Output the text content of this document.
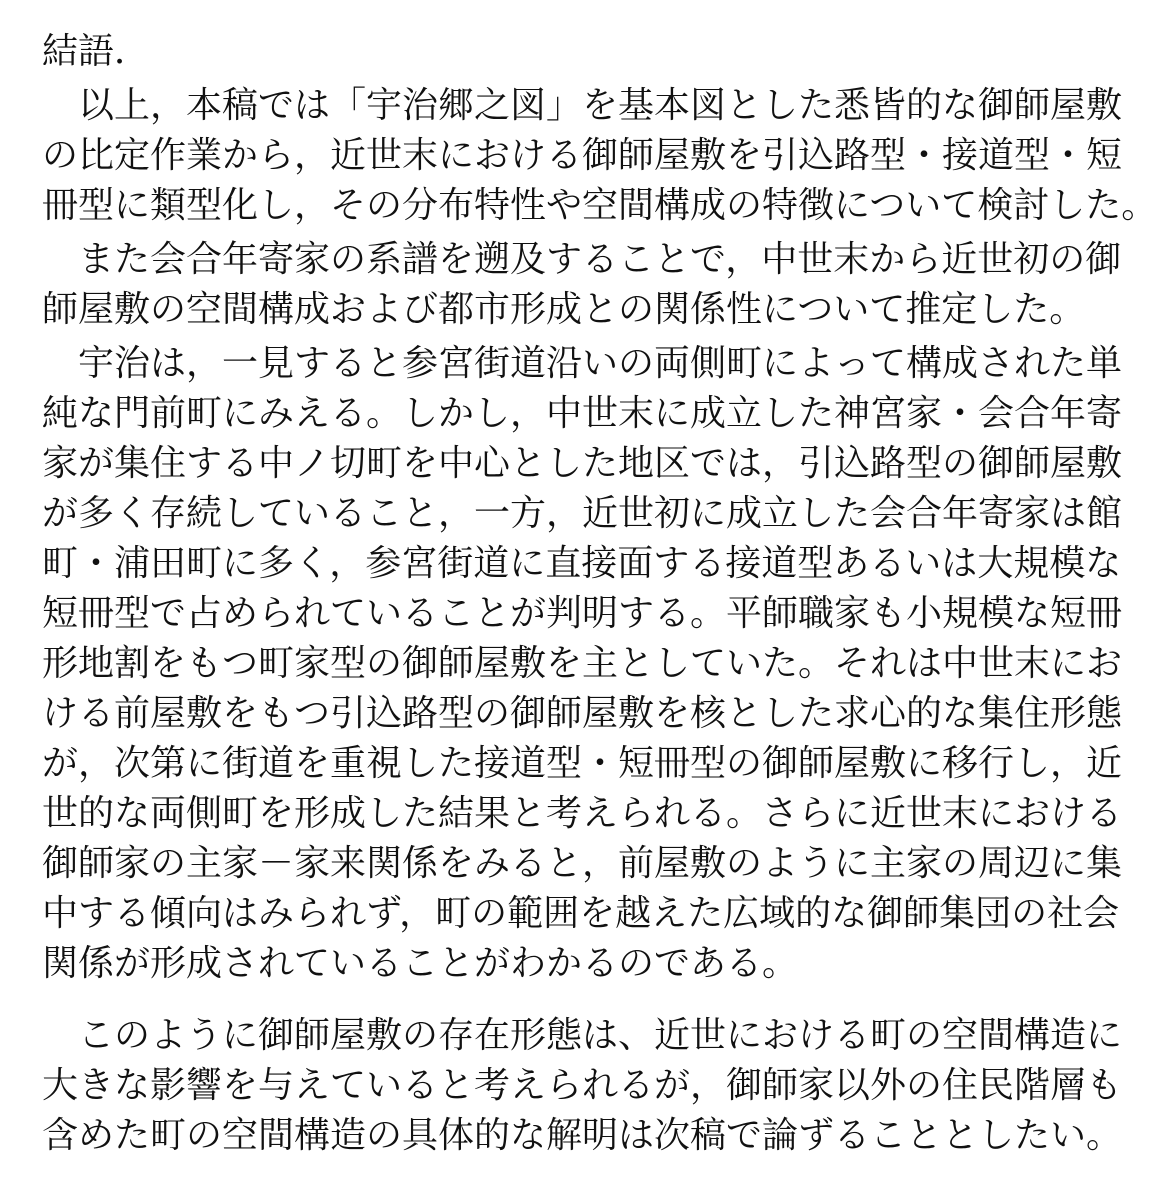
結語．
以上，本稿では「宇治郷之図」を基本図とした悉皆的な御師屋敷
の比定作業から，近世末における御師屋敷を引込路型・接道型・短
冊型に類型化し，その分布特性や空間構成の特徴について検討した。
また会合年寄家の系譜を遡及することで，中世末から近世初の御
師屋敷の空間構成および都市形成との関係性について推定した。
宇治は，一見すると参宮街道沿いの両側町によって構成された単
純な門前町にみえる。しかし，中世末に成立した神宮家・会合年寄
家が集住する中ノ切町を中心とした地区では，引込路型の御師屋敷
が多く存続していること，一方，近世初に成立した会合年寄家は館
町・浦田町に多く，参宮街道に直接面する接道型あるいは大規模な
短冊型で占められていることが判明する。平師職家も小規模な短冊
形地割をもつ町家型の御師屋敷を主としていた。それは中世末にお
ける前屋敷をもつ引込路型の御師屋敷を核とした求心的な集住形態
が，次第に街道を重視した接道型・短冊型の御師屋敷に移行し，近
世的な両側町を形成した結果と考えられる。さらに近世末における
御師家の主家－家来関係をみると，前屋敷のように主家の周辺に集
中する傾向はみられず，町の範囲を越えた広域的な御師集団の社会
関係が形成されていることがわかるのである。
このように御師屋敷の存在形態は、近世における町の空間構造に
大きな影響を与えていると考えられるが，御師家以外の住民階層も
含めた町の空間構造の具体的な解明は次稿で論ずることとしたい。
